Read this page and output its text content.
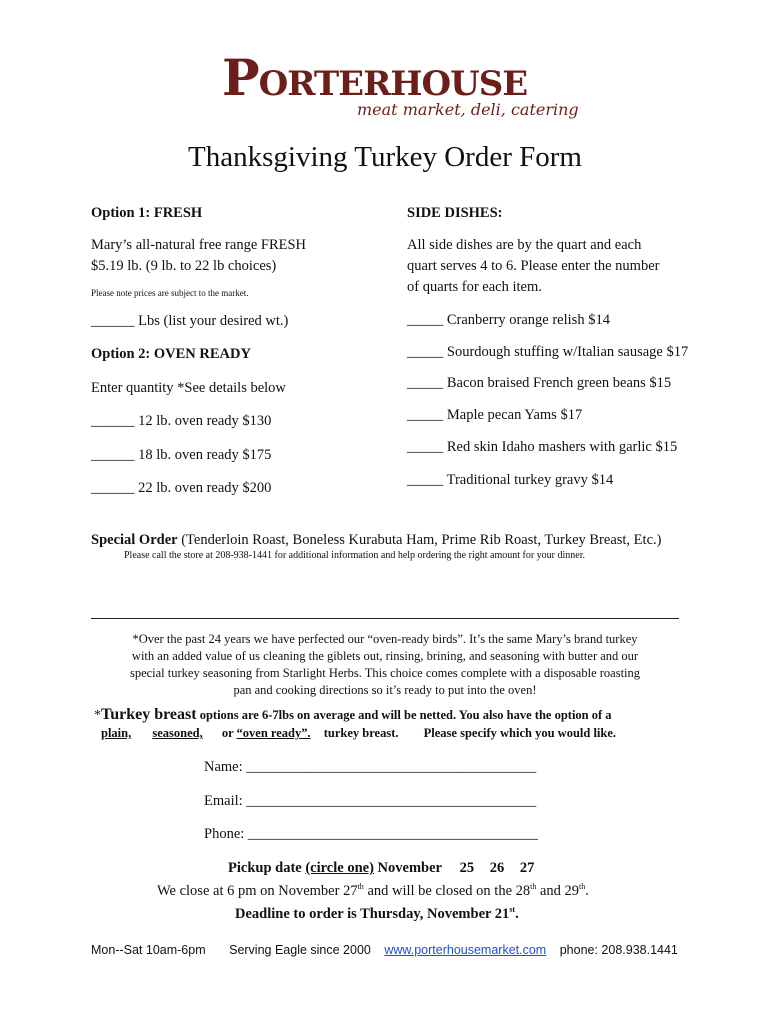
PORTERHOUSE
meat market, deli, catering
Thanksgiving Turkey Order Form
Option 1: FRESH
Mary’s all-natural free range FRESH
$5.19 lb. (9 lb. to 22 lb choices)
Please note prices are subject to the market.
______ Lbs (list your desired wt.)
Option 2: OVEN READY
Enter quantity *See details below
______ 12 lb. oven ready $130
______ 18 lb. oven ready $175
______ 22 lb. oven ready $200
SIDE DISHES:
All side dishes are by the quart and each
quart serves 4 to 6. Please enter the number
of quarts for each item.
_____ Cranberry orange relish $14
_____ Sourdough stuffing w/Italian sausage $17
_____ Bacon braised French green beans $15
_____ Maple pecan Yams $17
_____ Red skin Idaho mashers with garlic $15
_____ Traditional turkey gravy $14
Special Order (Tenderloin Roast, Boneless Kurabuta Ham, Prime Rib Roast, Turkey Breast, Etc.)
Please call the store at 208-938-1441 for additional information and help ordering the right amount for your dinner.
*Over the past 24 years we have perfected our “oven-ready birds”. It’s the same Mary’s brand turkey
with an added value of us cleaning the giblets out, rinsing, brining, and seasoning with butter and our
special turkey seasoning from Starlight Herbs. This choice comes complete with a disposable roasting
pan and cooking directions so it’s ready to put into the oven!
*Turkey breast options are 6-7lbs on average and will be netted. You also have the option of a
plain, seasoned, or “oven ready”. turkey breast. Please specify which you would like.
Name: ________________________________________
Email: ________________________________________
Phone: ________________________________________
Pickup date (circle one) November 25 26 27
We close at 6 pm on November 27th and will be closed on the 28th and 29th.
Deadline to order is Thursday, November 21st.
Mon--Sat 10am-6pm Serving Eagle since 2000 www.porterhousemarket.com phone: 208.938.1441
